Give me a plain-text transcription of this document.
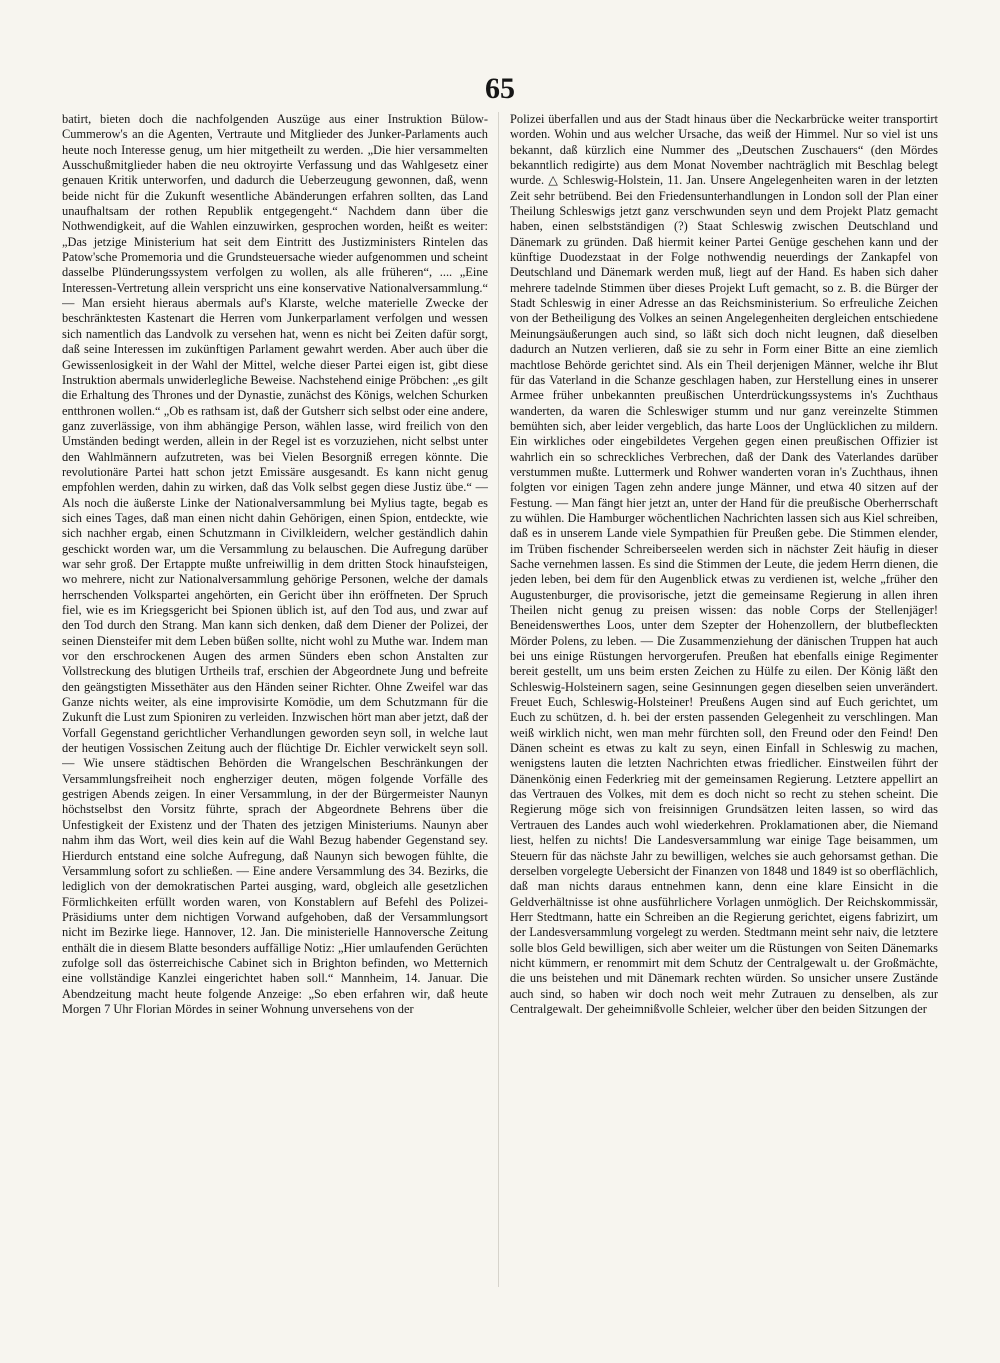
65

batirt, bieten doch die nachfolgenden Auszüge aus einer Instruktion Bülow-Cummerow's an die Agenten, Vertraute und Mitglieder des Junker-Parlaments auch heute noch Interesse genug, um hier mitgetheilt zu werden. „Die hier versammelten Ausschußmitglieder haben die neu oktroyirte Verfassung und das Wahlgesetz einer genauen Kritik unterworfen, und dadurch die Ueberzeugung gewonnen, daß, wenn beide nicht für die Zukunft wesentliche Abänderungen erfahren sollten, das Land unaufhaltsam der rothen Republik entgegengeht.“ Nachdem dann über die Nothwendigkeit, auf die Wahlen einzuwirken, gesprochen worden, heißt es weiter: „Das jetzige Ministerium hat seit dem Eintritt des Justizministers Rintelen das Patow'sche Promemoria und die Grundsteuersache wieder aufgenommen und scheint dasselbe Plünderungssystem verfolgen zu wollen, als alle früheren“, .... „Eine Interessen-Vertretung allein verspricht uns eine konservative Nationalversammlung.“ — Man ersieht hieraus abermals auf's Klarste, welche materielle Zwecke der beschränktesten Kastenart die Herren vom Junkerparlament verfolgen und wessen sich namentlich das Landvolk zu versehen hat, wenn es nicht bei Zeiten dafür sorgt, daß seine Interessen im zukünftigen Parlament gewahrt werden. Aber auch über die Gewissenlosigkeit in der Wahl der Mittel, welche dieser Partei eigen ist, gibt diese Instruktion abermals unwiderlegliche Beweise. Nachstehend einige Pröbchen: „es gilt die Erhaltung des Thrones und der Dynastie, zunächst des Königs, welchen Schurken entthronen wollen.“ „Ob es rathsam ist, daß der Gutsherr sich selbst oder eine andere, ganz zuverlässige, von ihm abhängige Person, wählen lasse, wird freilich von den Umständen bedingt werden, allein in der Regel ist es vorzuziehen, nicht selbst unter den Wahlmännern aufzutreten, was bei Vielen Besorgniß erregen könnte. Die revolutionäre Partei hatt schon jetzt Emissäre ausgesandt. Es kann nicht genug empfohlen werden, dahin zu wirken, daß das Volk selbst gegen diese Justiz übe.“ — Als noch die äußerste Linke der Nationalversammlung bei Mylius tagte, begab es sich eines Tages, daß man einen nicht dahin Gehörigen, einen Spion, entdeckte, wie sich nachher ergab, einen Schutzmann in Civilkleidern, welcher geständlich dahin geschickt worden war, um die Versammlung zu belauschen. Die Aufregung darüber war sehr groß. Der Ertappte mußte unfreiwillig in dem dritten Stock hinaufsteigen, wo mehrere, nicht zur Nationalversammlung gehörige Personen, welche der damals herrschenden Volkspartei angehörten, ein Gericht über ihn eröffneten. Der Spruch fiel, wie es im Kriegsgericht bei Spionen üblich ist, auf den Tod aus, und zwar auf den Tod durch den Strang. Man kann sich denken, daß dem Diener der Polizei, der seinen Diensteifer mit dem Leben büßen sollte, nicht wohl zu Muthe war. Indem man vor den erschrockenen Augen des armen Sünders eben schon Anstalten zur Vollstreckung des blutigen Urtheils traf, erschien der Abgeordnete Jung und befreite den geängstigten Missethäter aus den Händen seiner Richter. Ohne Zweifel war das Ganze nichts weiter, als eine improvisirte Komödie, um dem Schutzmann für die Zukunft die Lust zum Spioniren zu verleiden. Inzwischen hört man aber jetzt, daß der Vorfall Gegenstand gerichtlicher Verhandlungen geworden seyn soll, in welche laut der heutigen Vossischen Zeitung auch der flüchtige Dr. Eichler verwickelt seyn soll. — Wie unsere städtischen Behörden die Wrangelschen Beschränkungen der Versammlungsfreiheit noch engherziger deuten, mögen folgende Vorfälle des gestrigen Abends zeigen. In einer Versammlung, in der der Bürgermeister Naunyn höchstselbst den Vorsitz führte, sprach der Abgeordnete Behrens über die Unfestigkeit der Existenz und der Thaten des jetzigen Ministeriums. Naunyn aber nahm ihm das Wort, weil dies kein auf die Wahl Bezug habender Gegenstand sey. Hierdurch entstand eine solche Aufregung, daß Naunyn sich bewogen fühlte, die Versammlung sofort zu schließen. — Eine andere Versammlung des 34. Bezirks, die lediglich von der demokratischen Partei ausging, ward, obgleich alle gesetzlichen Förmlichkeiten erfüllt worden waren, von Konstablern auf Befehl des Polizei-Präsidiums unter dem nichtigen Vorwand aufgehoben, daß der Versammlungsort nicht im Bezirke liege. Hannover, 12. Jan. Die ministerielle Hannoversche Zeitung enthält die in diesem Blatte besonders auffällige Notiz: „Hier umlaufenden Gerüchten zufolge soll das österreichische Cabinet sich in Brighton befinden, wo Metternich eine vollständige Kanzlei eingerichtet haben soll.“ Mannheim, 14. Januar. Die Abendzeitung macht heute folgende Anzeige: „So eben erfahren wir, daß heute Morgen 7 Uhr Florian Mördes in seiner Wohnung unversehens von der

Polizei überfallen und aus der Stadt hinaus über die Neckarbrücke weiter transportirt worden. Wohin und aus welcher Ursache, das weiß der Himmel. Nur so viel ist uns bekannt, daß kürzlich eine Nummer des „Deutschen Zuschauers“ (den Mördes bekanntlich redigirte) aus dem Monat November nachträglich mit Beschlag belegt wurde. △ Schleswig-Holstein, 11. Jan. Unsere Angelegenheiten waren in der letzten Zeit sehr betrübend. Bei den Friedensunterhandlungen in London soll der Plan einer Theilung Schleswigs jetzt ganz verschwunden seyn und dem Projekt Platz gemacht haben, einen selbstständigen (?) Staat Schleswig zwischen Deutschland und Dänemark zu gründen. Daß hiermit keiner Partei Genüge geschehen kann und der künftige Duodezstaat in der Folge nothwendig neuerdings der Zankapfel von Deutschland und Dänemark werden muß, liegt auf der Hand. Es haben sich daher mehrere tadelnde Stimmen über dieses Projekt Luft gemacht, so z. B. die Bürger der Stadt Schleswig in einer Adresse an das Reichsministerium. So erfreuliche Zeichen von der Betheiligung des Volkes an seinen Angelegenheiten dergleichen entschiedene Meinungsäußerungen auch sind, so läßt sich doch nicht leugnen, daß dieselben dadurch an Nutzen verlieren, daß sie zu sehr in Form einer Bitte an eine ziemlich machtlose Behörde gerichtet sind. Als ein Theil derjenigen Männer, welche ihr Blut für das Vaterland in die Schanze geschlagen haben, zur Herstellung eines in unserer Armee früher unbekannten preußischen Unterdrückungssystems in's Zuchthaus wanderten, da waren die Schleswiger stumm und nur ganz vereinzelte Stimmen bemühten sich, aber leider vergeblich, das harte Loos der Unglücklichen zu mildern. Ein wirkliches oder eingebildetes Vergehen gegen einen preußischen Offizier ist wahrlich ein so schreckliches Verbrechen, daß der Dank des Vaterlandes darüber verstummen mußte. Luttermerk und Rohwer wanderten voran in's Zuchthaus, ihnen folgten vor einigen Tagen zehn andere junge Männer, und etwa 40 sitzen auf der Festung. — Man fängt hier jetzt an, unter der Hand für die preußische Oberherrschaft zu wühlen. Die Hamburger wöchentlichen Nachrichten lassen sich aus Kiel schreiben, daß es in unserem Lande viele Sympathien für Preußen gebe. Die Stimmen elender, im Trüben fischender Schreiberseelen werden sich in nächster Zeit häufig in dieser Sache vernehmen lassen. Es sind die Stimmen der Leute, die jedem Herrn dienen, die jeden leben, bei dem für den Augenblick etwas zu verdienen ist, welche „früher den Augustenburger, die provisorische, jetzt die gemeinsame Regierung in allen ihren Theilen nicht genug zu preisen wissen: das noble Corps der Stellenjäger! Beneidenswerthes Loos, unter dem Szepter der Hohenzollern, der blutbefleckten Mörder Polens, zu leben. — Die Zusammenziehung der dänischen Truppen hat auch bei uns einige Rüstungen hervorgerufen. Preußen hat ebenfalls einige Regimenter bereit gestellt, um uns beim ersten Zeichen zu Hülfe zu eilen. Der König läßt den Schleswig-Holsteinern sagen, seine Gesinnungen gegen dieselben seien unverändert. Freuet Euch, Schleswig-Holsteiner! Preußens Augen sind auf Euch gerichtet, um Euch zu schützen, d. h. bei der ersten passenden Gelegenheit zu verschlingen. Man weiß wirklich nicht, wen man mehr fürchten soll, den Freund oder den Feind! Den Dänen scheint es etwas zu kalt zu seyn, einen Einfall in Schleswig zu machen, wenigstens lauten die letzten Nachrichten etwas friedlicher. Einstweilen führt der Dänenkönig einen Federkrieg mit der gemeinsamen Regierung. Letztere appellirt an das Vertrauen des Volkes, mit dem es doch nicht so recht zu stehen scheint. Die Regierung möge sich von freisinnigen Grundsätzen leiten lassen, so wird das Vertrauen des Landes auch wohl wiederkehren. Proklamationen aber, die Niemand liest, helfen zu nichts! Die Landesversammlung war einige Tage beisammen, um Steuern für das nächste Jahr zu bewilligen, welches sie auch gehorsamst gethan. Die derselben vorgelegte Uebersicht der Finanzen von 1848 und 1849 ist so oberflächlich, daß man nichts daraus entnehmen kann, denn eine klare Einsicht in die Geldverhältnisse ist ohne ausführlichere Vorlagen unmöglich. Der Reichskommissär, Herr Stedtmann, hatte ein Schreiben an die Regierung gerichtet, eigens fabrizirt, um der Landesversammlung vorgelegt zu werden. Stedtmann meint sehr naiv, die letztere solle blos Geld bewilligen, sich aber weiter um die Rüstungen von Seiten Dänemarks nicht kümmern, er renommirt mit dem Schutz der Centralgewalt u. der Großmächte, die uns beistehen und mit Dänemark rechten würden. So unsicher unsere Zustände auch sind, so haben wir doch noch weit mehr Zutrauen zu denselben, als zur Centralgewalt. Der geheimnißvolle Schleier, welcher über den beiden Sitzungen der
